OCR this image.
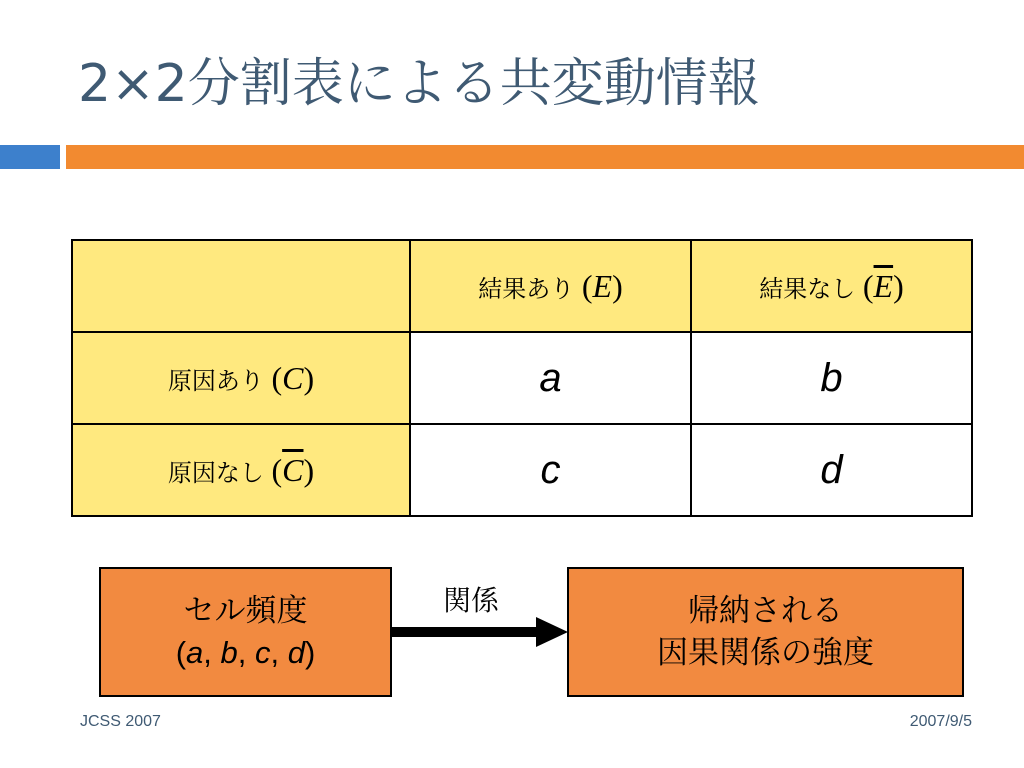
2×2分割表による共変動情報
	結果あり (E)	結果なし $(\overline{E})$
原因あり (C)	a	b
原因なし $(\overline{C})$	c	d
セル頻度
(a, b, c, d)
関係	帰納される
因果関係の強度
JCSS 2007	2007/9/5
